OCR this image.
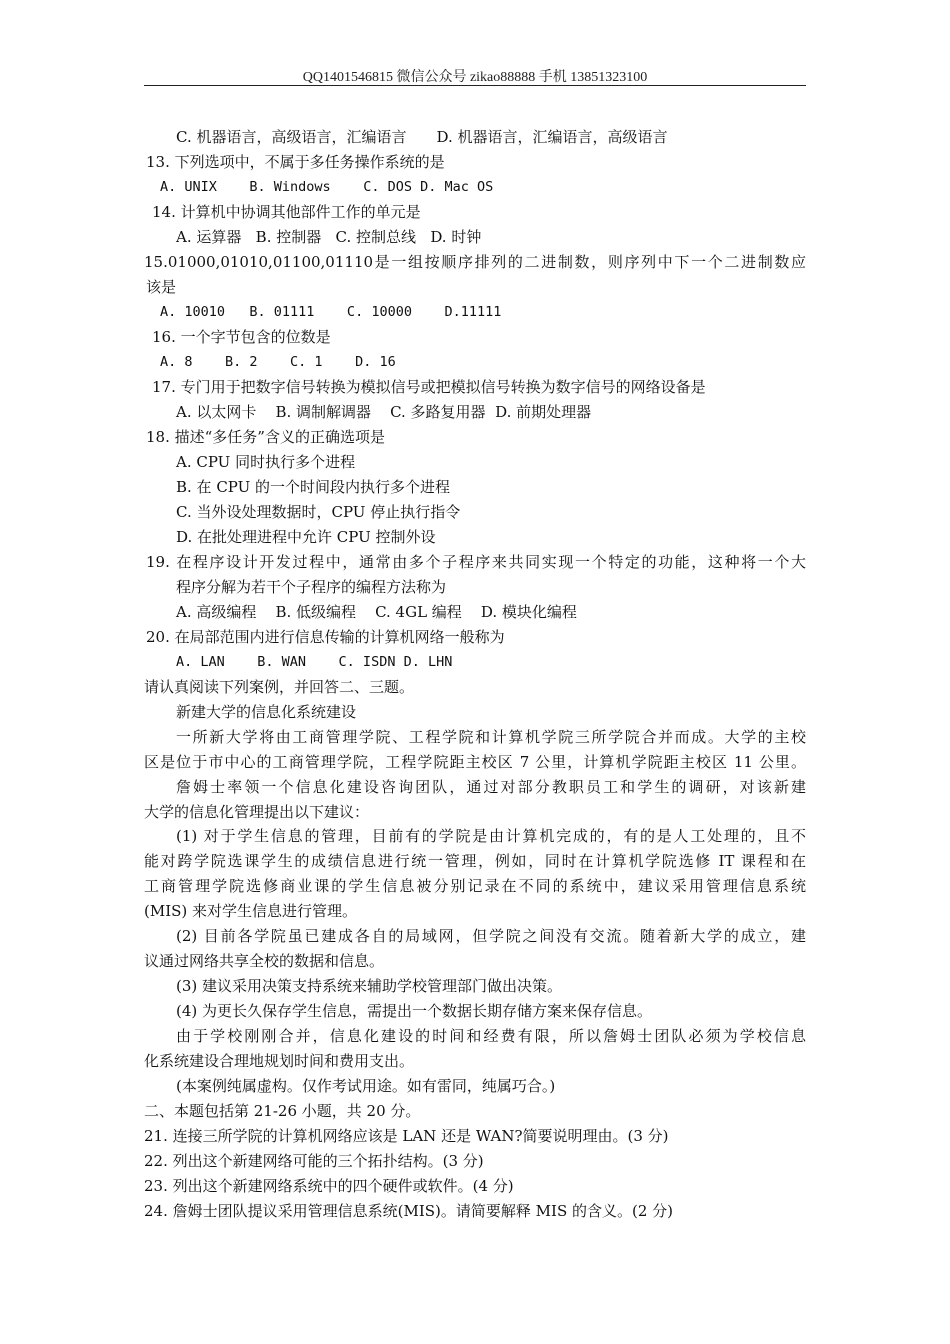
QQ1401546815 微信公众号 zikao88888 手机 13851323100
C. 机器语言，高级语言，汇编语言　　D. 机器语言，汇编语言，高级语言
13. 下列选项中，不属于多任务操作系统的是
A. UNIX    B. Windows    C. DOS D. Mac OS
14. 计算机中协调其他部件工作的单元是
A. 运算器   B. 控制器   C. 控制总线   D. 时钟
15.01000,01010,01100,01110是一组按顺序排列的二进制数，则序列中下一个二进制数应
该是
A. 10010   B. 01111    C. 10000    D.11111
16. 一个字节包含的位数是
A. 8    B. 2    C. 1    D. 16
17. 专门用于把数字信号转换为模拟信号或把模拟信号转换为数字信号的网络设备是
A. 以太网卡    B. 调制解调器    C. 多路复用器  D. 前期处理器
18. 描述“多任务”含义的正确选项是
A. CPU 同时执行多个进程
B. 在 CPU 的一个时间段内执行多个进程
C. 当外设处理数据时，CPU 停止执行指令
D. 在批处理进程中允许 CPU 控制外设
19. 在程序设计开发过程中，通常由多个子程序来共同实现一个特定的功能，这种将一个大
程序分解为若干个子程序的编程方法称为
A. 高级编程    B. 低级编程    C. 4GL 编程    D. 模块化编程
20. 在局部范围内进行信息传输的计算机网络一般称为
A. LAN    B. WAN    C. ISDN D. LHN
请认真阅读下列案例，并回答二、三题。
新建大学的信息化系统建设
一所新大学将由工商管理学院、工程学院和计算机学院三所学院合并而成。大学的主校
区是位于市中心的工商管理学院，工程学院距主校区 7 公里，计算机学院距主校区 11 公里。
詹姆士率领一个信息化建设咨询团队，通过对部分教职员工和学生的调研，对该新建
大学的信息化管理提出以下建议：
(1) 对于学生信息的管理，目前有的学院是由计算机完成的，有的是人工处理的，且不
能对跨学院选课学生的成绩信息进行统一管理，例如，同时在计算机学院选修 IT 课程和在
工商管理学院选修商业课的学生信息被分别记录在不同的系统中，建议采用管理信息系统
(MIS) 来对学生信息进行管理。
(2) 目前各学院虽已建成各自的局域网，但学院之间没有交流。随着新大学的成立，建
议通过网络共享全校的数据和信息。
(3) 建议采用决策支持系统来辅助学校管理部门做出决策。
(4) 为更长久保存学生信息，需提出一个数据长期存储方案来保存信息。
由于学校刚刚合并，信息化建设的时间和经费有限，所以詹姆士团队必须为学校信息
化系统建设合理地规划时间和费用支出。
(本案例纯属虚构。仅作考试用途。如有雷同，纯属巧合。)
二、本题包括第 21-26 小题，共 20 分。
21. 连接三所学院的计算机网络应该是 LAN 还是 WAN?简要说明理由。(3 分)
22. 列出这个新建网络可能的三个拓扑结构。(3 分)
23. 列出这个新建网络系统中的四个硬件或软件。(4 分)
24. 詹姆士团队提议采用管理信息系统(MIS)。请简要解释 MIS 的含义。(2 分)
